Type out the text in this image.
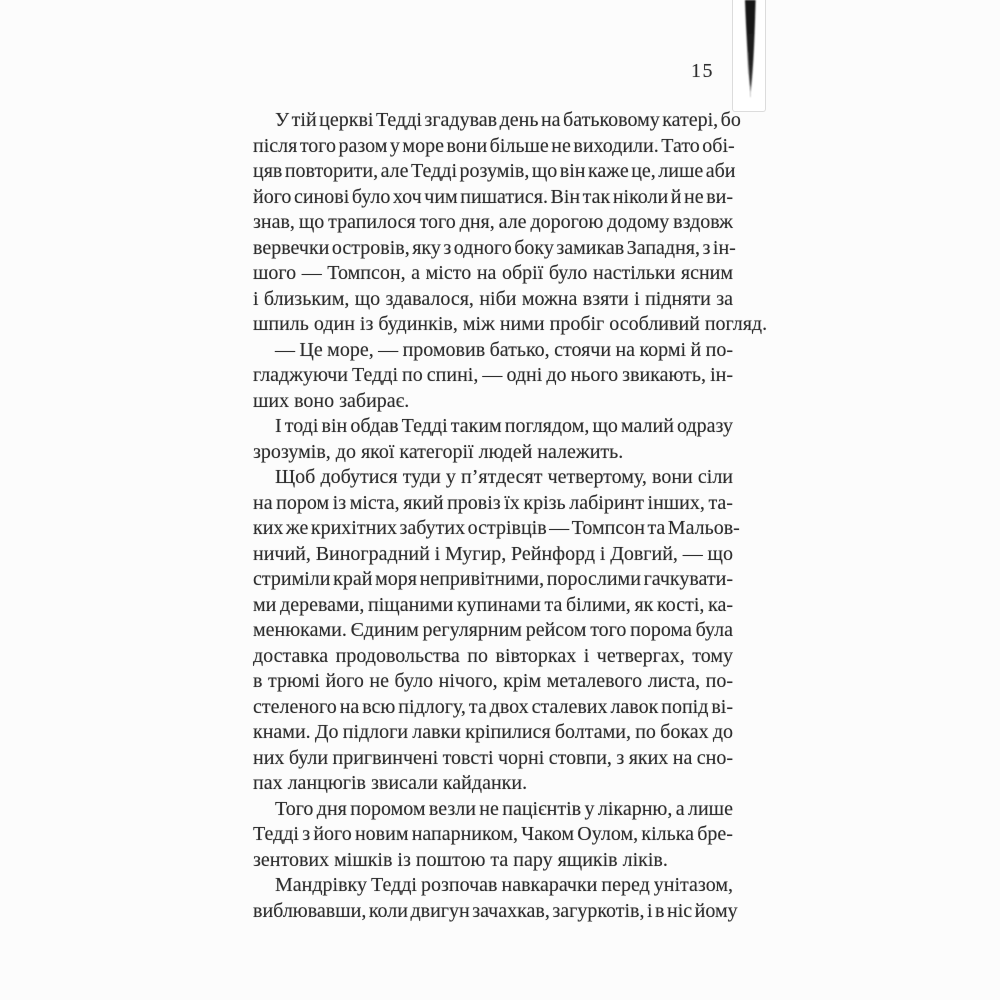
15
У тій церкві Тедді згадував день на батьковому катері, бо
після того разом у море вони більше не виходили. Тато обі-
цяв повторити, але Тедді розумів, що він каже це, лише аби
його синові було хоч чим пишатися. Він так ніколи й не ви-
знав, що трапилося того дня, але дорогою додому вздовж
вервечки островів, яку з одного боку замикав Западня, з ін-
шого — Томпсон, а місто на обрії було настільки ясним
і близьким, що здавалося, ніби можна взяти і підняти за
шпиль один із будинків, між ними пробіг особливий погляд.
— Це море, — промовив батько, стоячи на кормі й по-
гладжуючи Тедді по спині, — одні до нього звикають, ін-
ших воно забирає.
І тоді він обдав Тедді таким поглядом, що малий одразу
зрозумів, до якої категорії людей належить.
Щоб добутися туди у п’ятдесят четвертому, вони сіли
на пором із міста, який провіз їх крізь лабіринт інших, та-
ких же крихітних забутих острівців — Томпсон та Мальов-
ничий, Виноградний і Мугир, Рейнфорд і Довгий, — що
стриміли край моря непривітними, порослими гачкувати-
ми деревами, піщаними купинами та білими, як кості, ка-
менюками. Єдиним регулярним рейсом того порома була
доставка продовольства по вівторках і четвергах, тому
в трюмі його не було нічого, крім металевого листа, по-
стеленого на всю підлогу, та двох сталевих лавок попід ві-
кнами. До підлоги лавки кріпилися болтами, по боках до
них були пригвинчені товсті чорні стовпи, з яких на сно-
пах ланцюгів звисали кайданки.
Того дня поромом везли не пацієнтів у лікарню, а лише
Тедді з його новим напарником, Чаком Оулом, кілька бре-
зентових мішків із поштою та пару ящиків ліків.
Мандрівку Тедді розпочав навкарачки перед унітазом,
виблювавши, коли двигун зачахкав, загуркотів, і в ніс йому
